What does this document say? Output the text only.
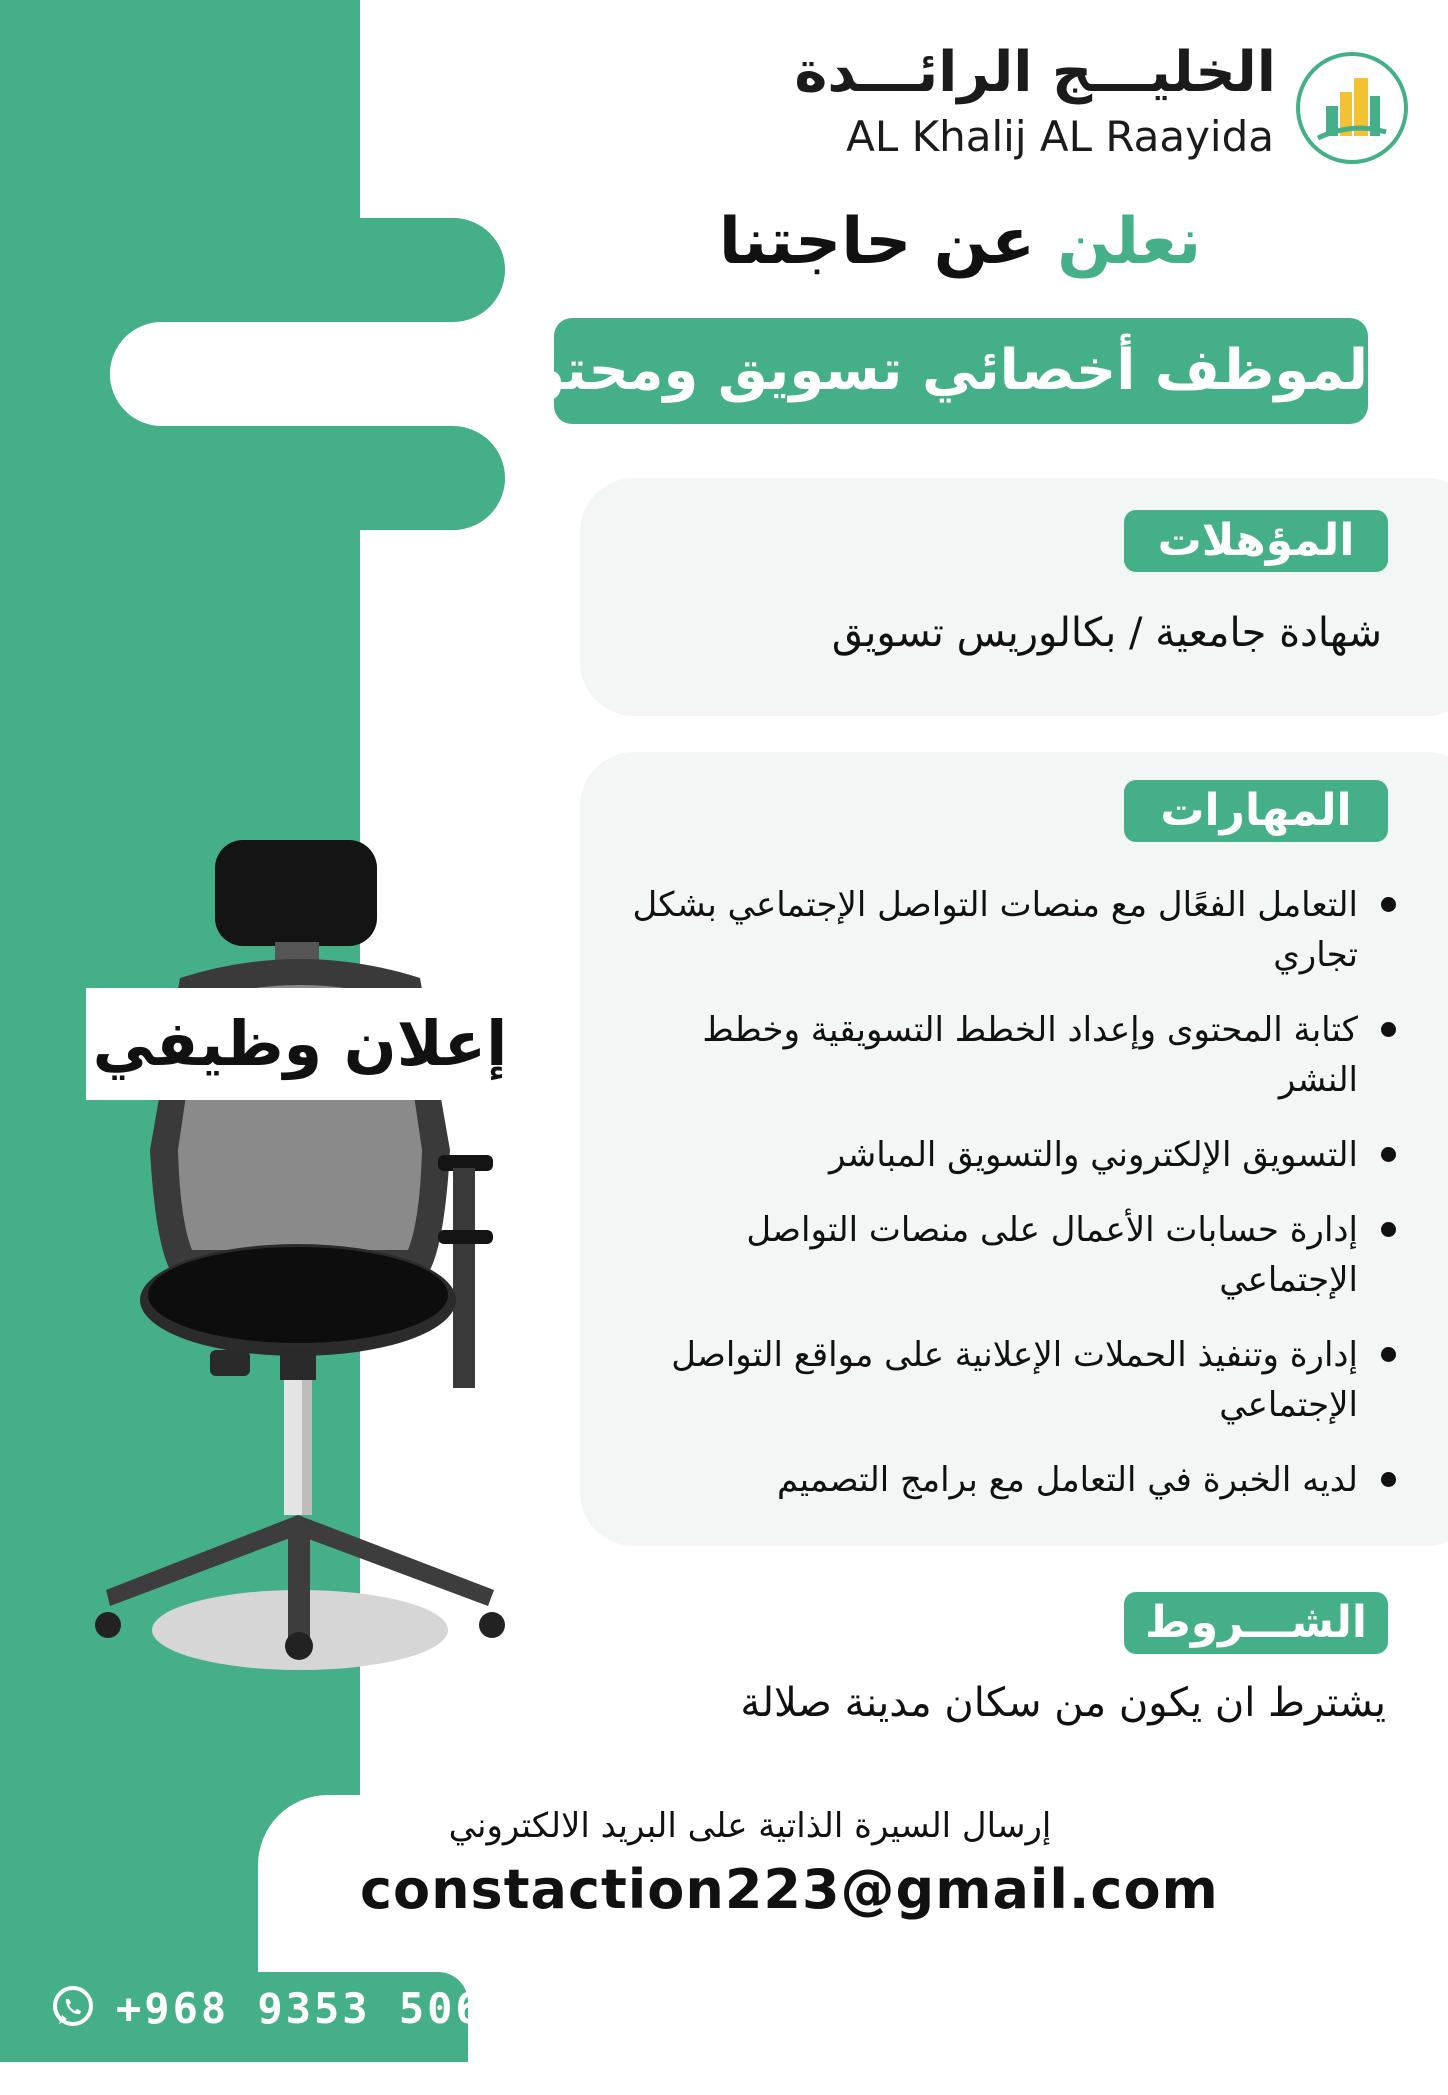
إعلان وظيفي
الخليـــج الرائـــدة
AL Khalij AL Raayida
نعلن عن حاجتنا
لموظف أخصائي تسويق ومحتوى
المؤهلات
شهادة جامعية / بكالوريس تسويق
المهارات
التعامل الفعًال مع منصات التواصل الإجتماعي بشكل تجاري
كتابة المحتوى وإعداد الخطط التسويقية وخطط النشر
التسويق الإلكتروني والتسويق المباشر
إدارة حسابات الأعمال على منصات التواصل الإجتماعي
إدارة وتنفيذ الحملات الإعلانية على مواقع التواصل الإجتماعي
لديه الخبرة في التعامل مع برامج التصميم
الشـــروط
يشترط ان يكون من سكان مدينة صلالة
إرسال السيرة الذاتية على البريد الالكتروني
constaction223@gmail.com
+968 9353 5060
